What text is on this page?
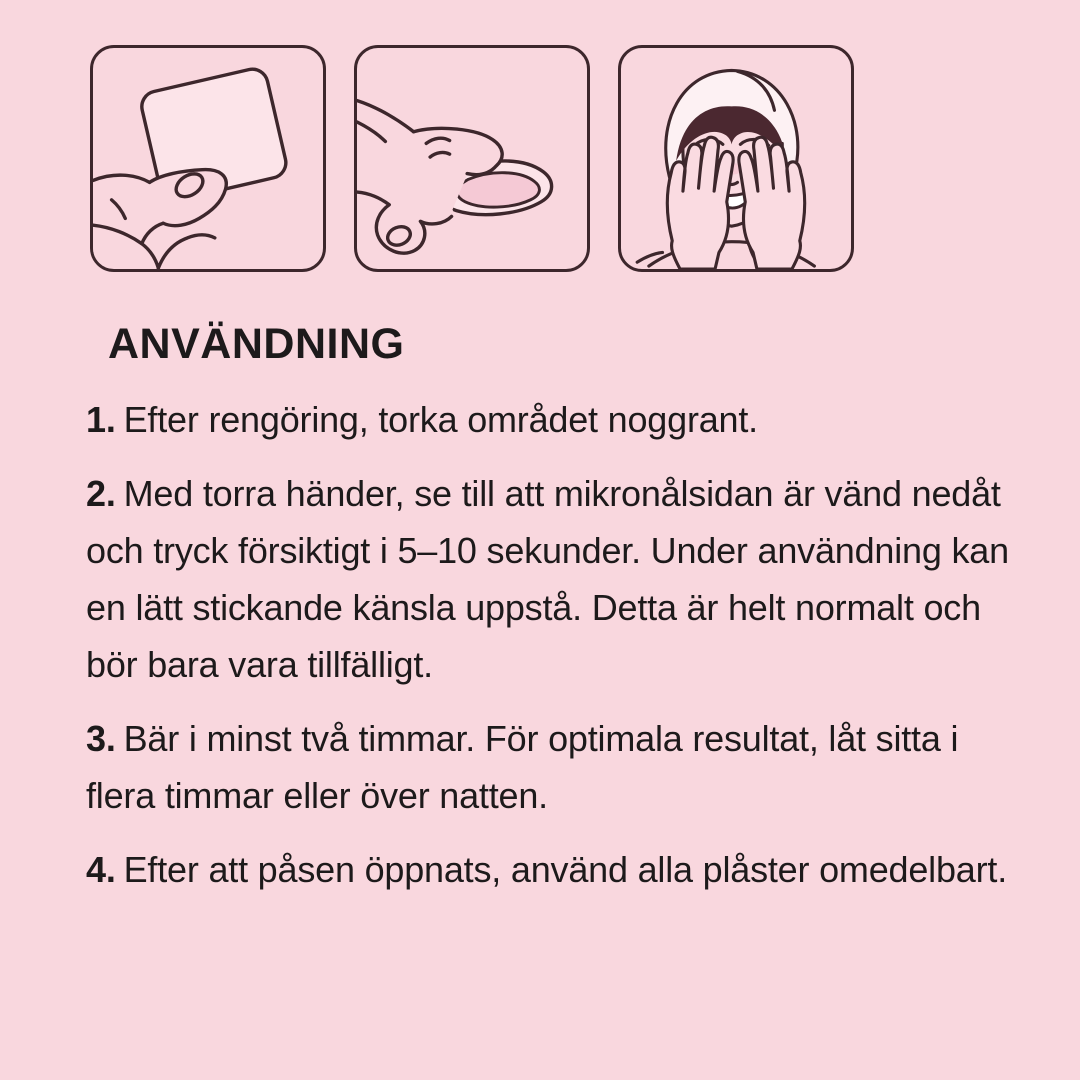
ANVÄNDNING

1. Efter rengöring, torka området noggrant.

2. Med torra händer, se till att mikronålsidan är vänd nedåt och tryck försiktigt i 5–10 sekunder. Under användning kan en lätt stickande känsla uppstå. Detta är helt normalt och bör bara vara tillfälligt.

3. Bär i minst två timmar. För optimala resultat, låt sitta i flera timmar eller över natten.

4. Efter att påsen öppnats, använd alla plåster omedelbart.
